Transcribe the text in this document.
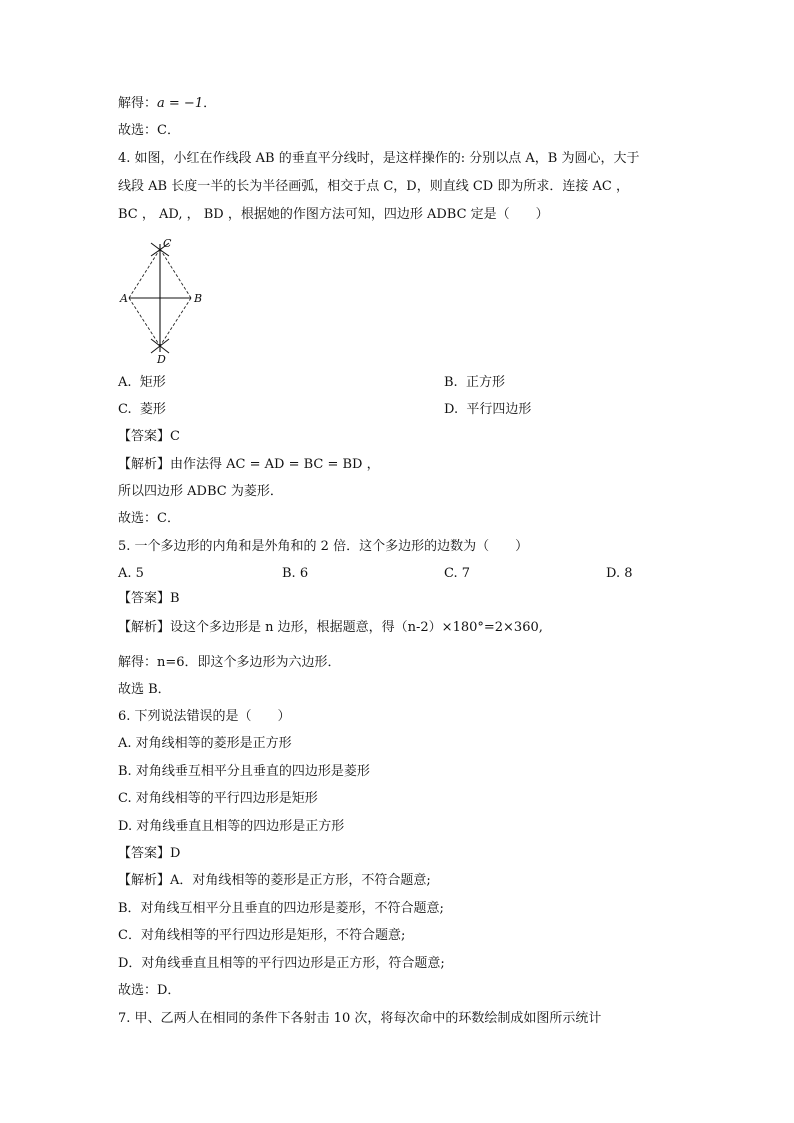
解得：a = −1．
故选：C．
4. 如图，小红在作线段 AB 的垂直平分线时，是这样操作的: 分别以点 A，B 为圆心，大于
线段 AB 长度一半的长为半径画弧，相交于点 C，D，则直线 CD 即为所求．连接 AC ，
BC ， AD, ， BD ，根据她的作图方法可知，四边形 ADBC 定是（　　）
C
A	B
D
A. 矩形	B. 正方形
C. 菱形	D. 平行四边形
【答案】C
【解析】由作法得 AC = AD = BC = BD ，
所以四边形 ADBC 为菱形．
故选：C．
5. 一个多边形的内角和是外角和的 2 倍．这个多边形的边数为（　　）
A. 5	B. 6	C. 7	D. 8
【答案】B
【解析】设这个多边形是 n 边形，根据题意，得（n-2）×180°=2×360,
解得：n=6．即这个多边形为六边形．
故选 B．
6. 下列说法错误的是（　　）
A. 对角线相等的菱形是正方形
B. 对角线垂互相平分且垂直的四边形是菱形
C. 对角线相等的平行四边形是矩形
D. 对角线垂直且相等的四边形是正方形
【答案】D
【解析】A．对角线相等的菱形是正方形，不符合题意;
B．对角线互相平分且垂直的四边形是菱形，不符合题意;
C．对角线相等的平行四边形是矩形，不符合题意;
D．对角线垂直且相等的平行四边形是正方形，符合题意;
故选：D．
7. 甲、乙两人在相同的条件下各射击 10 次，将每次命中的环数绘制成如图所示统计
